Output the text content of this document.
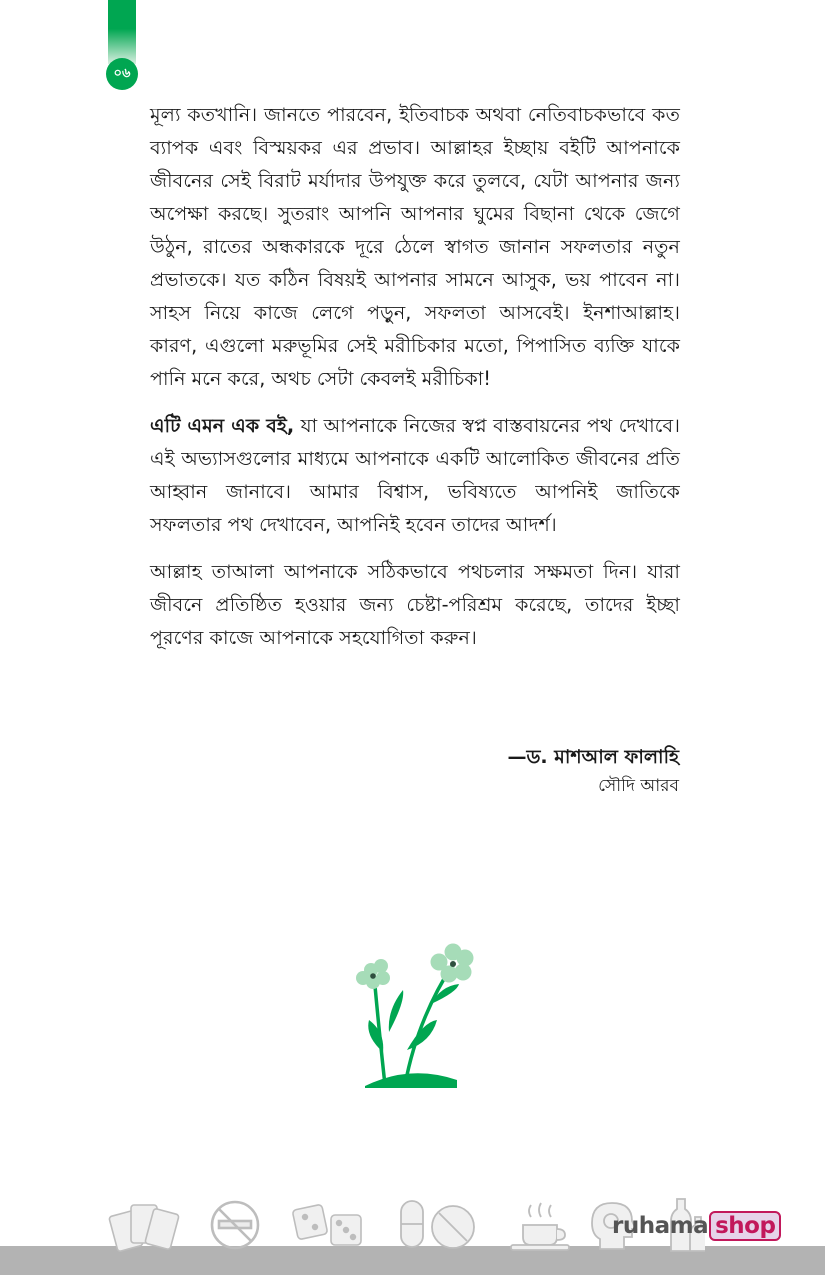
০৬

মূল্য কতখানি। জানতে পারবেন, ইতিবাচক অথবা নেতিবাচকভাবে কত ব্যাপক এবং বিস্ময়কর এর প্রভাব। আল্লাহর ইচ্ছায় বইটি আপনাকে জীবনের সেই বিরাট মর্যাদার উপযুক্ত করে তুলবে, যেটা আপনার জন্য অপেক্ষা করছে। সুতরাং আপনি আপনার ঘুমের বিছানা থেকে জেগে উঠুন, রাতের অন্ধকারকে দূরে ঠেলে স্বাগত জানান সফলতার নতুন প্রভাতকে। যত কঠিন বিষয়ই আপনার সামনে আসুক, ভয় পাবেন না। সাহস নিয়ে কাজে লেগে পড়ুন, সফলতা আসবেই। ইনশাআল্লাহ। কারণ, এগুলো মরুভূমির সেই মরীচিকার মতো, পিপাসিত ব্যক্তি যাকে পানি মনে করে, অথচ সেটা কেবলই মরীচিকা!

এটি এমন এক বই, যা আপনাকে নিজের স্বপ্ন বাস্তবায়নের পথ দেখাবে। এই অভ্যাসগুলোর মাধ্যমে আপনাকে একটি আলোকিত জীবনের প্রতি আহ্বান জানাবে। আমার বিশ্বাস, ভবিষ্যতে আপনিই জাতিকে সফলতার পথ দেখাবেন, আপনিই হবেন তাদের আদর্শ।

আল্লাহ তাআলা আপনাকে সঠিকভাবে পথচলার সক্ষমতা দিন। যারা জীবনে প্রতিষ্ঠিত হওয়ার জন্য চেষ্টা-পরিশ্রম করেছে, তাদের ইচ্ছা পূরণের কাজে আপনাকে সহযোগিতা করুন।

—ড. মাশআল ফালাহি
সৌদি আরব
ruhama shop
